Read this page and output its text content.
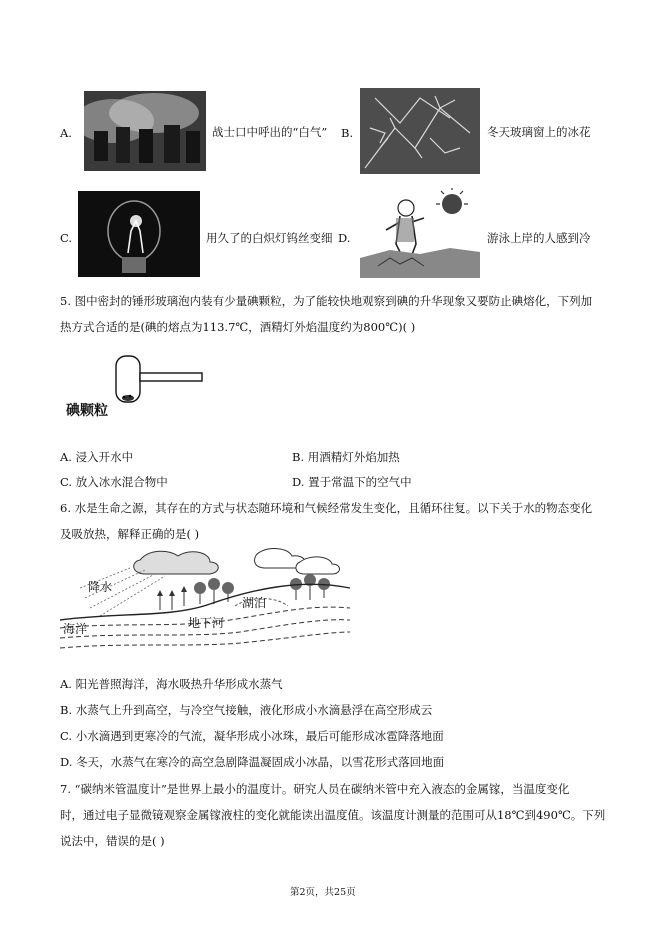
A.	战士口中呼出的“白气” B.	冬天玻璃窗上的冰花
C.	用久了的白炽灯钨丝变细 D.	游泳上岸的人感到冷
5. 图中密封的锤形玻璃泡内装有少量碘颗粒，为了能较快地观察到碘的升华现象又要防止碘熔化，下列加
热方式合适的是(碘的熔点为113.7℃，酒精灯外焰温度约为800℃)( )
碘颗粒
A. 浸入开水中	B. 用酒精灯外焰加热
C. 放入冰水混合物中	D. 置于常温下的空气中
6. 水是生命之源，其存在的方式与状态随环境和气候经常发生变化，且循环往复。以下关于水的物态变化
及吸放热，解释正确的是( )
降水
海洋
湖泊
地下河
A. 阳光普照海洋，海水吸热升华形成水蒸气
B. 水蒸气上升到高空，与冷空气接触，液化形成小水滴悬浮在高空形成云
C. 小水滴遇到更寒冷的气流，凝华形成小冰珠，最后可能形成冰雹降落地面
D. 冬天，水蒸气在寒冷的高空急剧降温凝固成小冰晶，以雪花形式落回地面
7. “碳纳米管温度计”是世界上最小的温度计。研究人员在碳纳米管中充入液态的金属镓，当温度变化
时，通过电子显微镜观察金属镓液柱的变化就能读出温度值。该温度计测量的范围可从18℃到490℃。下列
说法中，错误的是( )
第2页，共25页
